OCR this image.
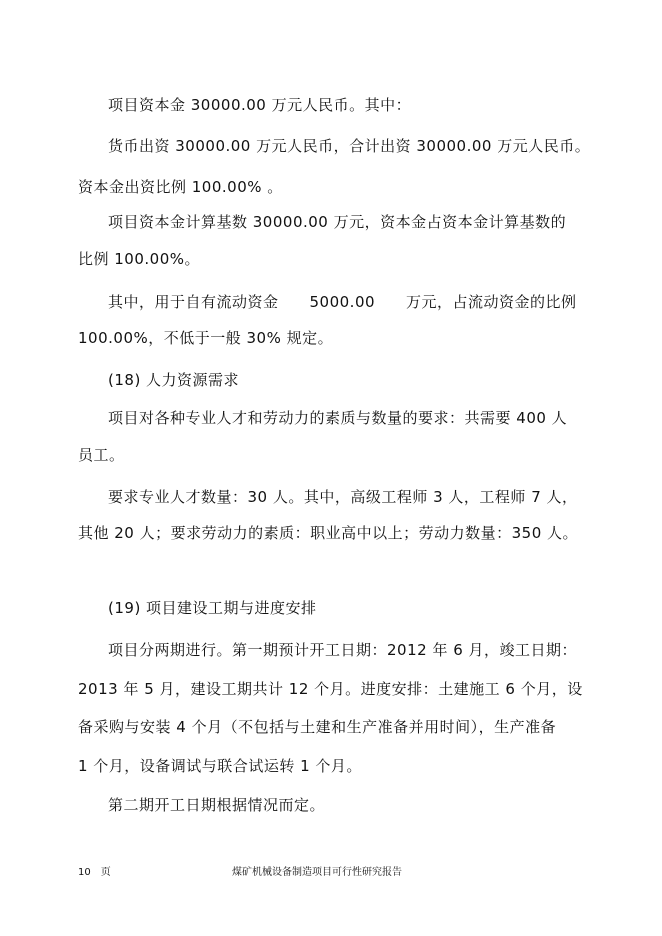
项目资本金 30000.00 万元人民币。其中：
货币出资 30000.00 万元人民币，合计出资 30000.00 万元人民币。
资本金出资比例 100.00% 。
项目资本金计算基数 30000.00 万元，资本金占资本金计算基数的
比例 100.00%。
其中，用于自有流动资金　　5000.00　　万元，占流动资金的比例
100.00%，不低于一般 30% 规定。
(18) 人力资源需求
项目对各种专业人才和劳动力的素质与数量的要求：共需要 400 人
员工。
要求专业人才数量：30 人。其中，高级工程师 3 人，工程师 7 人，
其他 20 人；要求劳动力的素质：职业高中以上；劳动力数量：350 人。
(19) 项目建设工期与进度安排
项目分两期进行。第一期预计开工日期：2012 年 6 月，竣工日期：
2013 年 5 月，建设工期共计 12 个月。进度安排：土建施工 6 个月，设
备采购与安装 4 个月（不包括与土建和生产准备并用时间），生产准备
1 个月，设备调试与联合试运转 1 个月。
第二期开工日期根据情况而定。
10　页	煤矿机械设备制造项目可行性研究报告
